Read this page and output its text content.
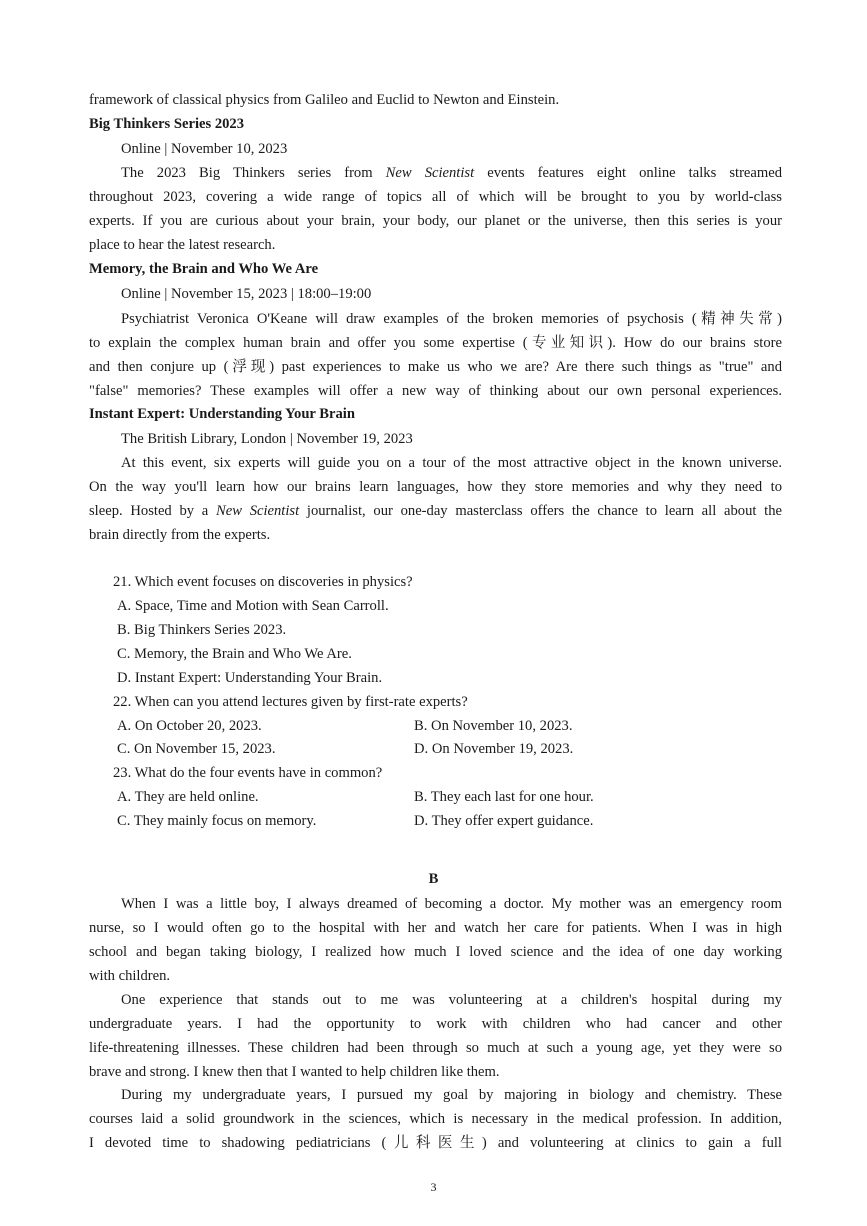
framework of classical physics from Galileo and Euclid to Newton and Einstein.
Big Thinkers Series 2023
Online | November 10, 2023
The 2023 Big Thinkers series from New Scientist events features eight online talks streamed
throughout 2023, covering a wide range of topics all of which will be brought to you by world-class
experts. If you are curious about your brain, your body, our planet or the universe, then this series is your
place to hear the latest research.
Memory, the Brain and Who We Are
Online | November 15, 2023 | 18:00–19:00
Psychiatrist Veronica O'Keane will draw examples of the broken memories of psychosis (精神失常)
to explain the complex human brain and offer you some expertise (专业知识). How do our brains store
and then conjure up (浮现) past experiences to make us who we are? Are there such things as "true" and
"false" memories? These examples will offer a new way of thinking about our own personal experiences.
Instant Expert: Understanding Your Brain
The British Library, London | November 19, 2023
At this event, six experts will guide you on a tour of the most attractive object in the known universe.
On the way you'll learn how our brains learn languages, how they store memories and why they need to
sleep. Hosted by a New Scientist journalist, our one-day masterclass offers the chance to learn all about the
brain directly from the experts.
21. Which event focuses on discoveries in physics?
A. Space, Time and Motion with Sean Carroll.
B. Big Thinkers Series 2023.
C. Memory, the Brain and Who We Are.
D. Instant Expert: Understanding Your Brain.
22. When can you attend lectures given by first-rate experts?
A. On October 20, 2023.	B. On November 10, 2023.
C. On November 15, 2023.	D. On November 19, 2023.
23. What do the four events have in common?
A. They are held online.	B. They each last for one hour.
C. They mainly focus on memory.	D. They offer expert guidance.
B
When I was a little boy, I always dreamed of becoming a doctor. My mother was an emergency room
nurse, so I would often go to the hospital with her and watch her care for patients. When I was in high
school and began taking biology, I realized how much I loved science and the idea of one day working
with children.
One experience that stands out to me was volunteering at a children's hospital during my
undergraduate years. I had the opportunity to work with children who had cancer and other
life-threatening illnesses. These children had been through so much at such a young age, yet they were so
brave and strong. I knew then that I wanted to help children like them.
During my undergraduate years, I pursued my goal by majoring in biology and chemistry. These
courses laid a solid groundwork in the sciences, which is necessary in the medical profession. In addition,
I devoted time to shadowing pediatricians (儿科医生) and volunteering at clinics to gain a full
3
